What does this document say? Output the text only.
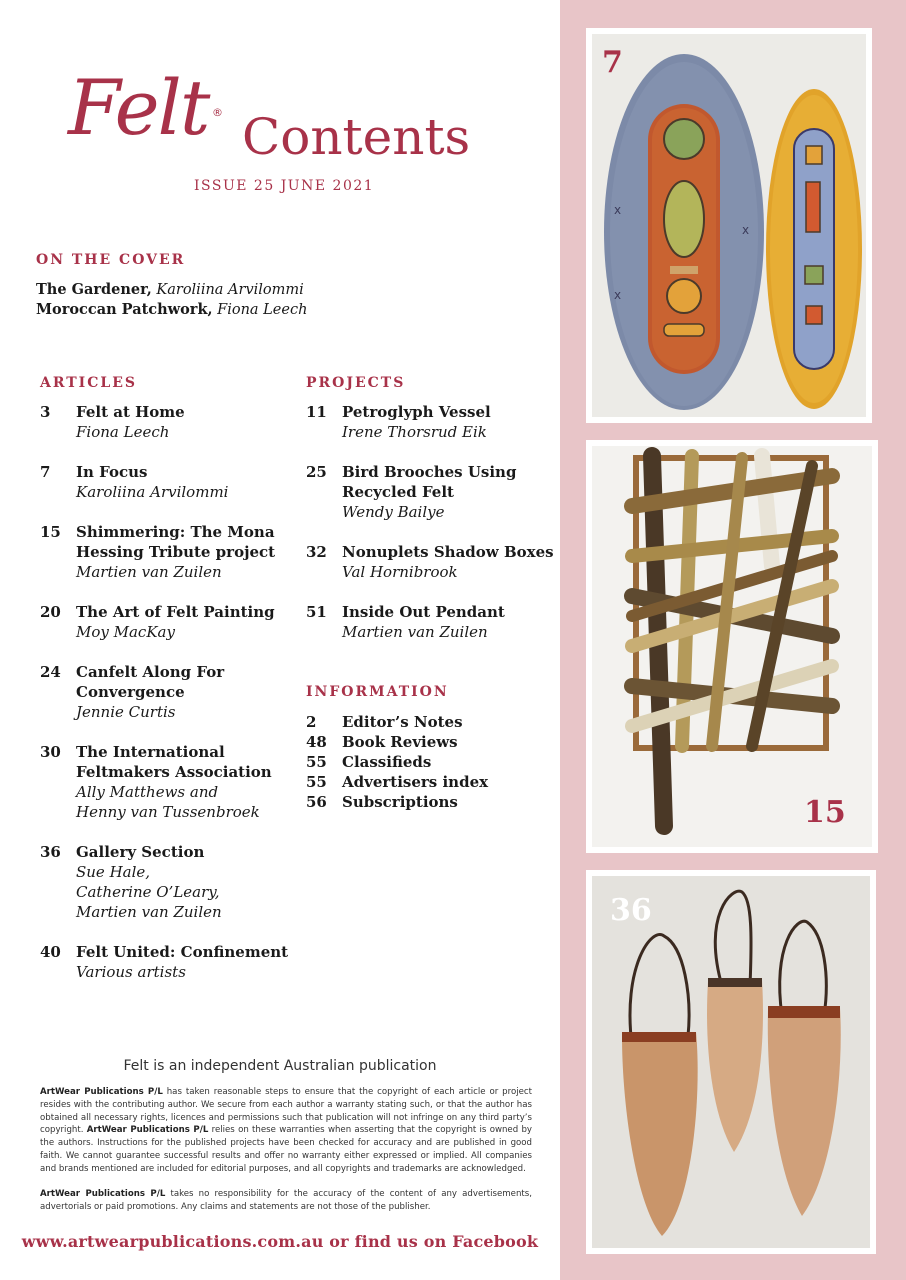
Felt ® Contents
ISSUE 25 JUNE 2021
ON THE COVER
The Gardener, Karoliina Arvilommi
Moroccan Patchwork, Fiona Leech
ARTICLES
3 Felt at Home
Fiona Leech
7 In Focus
Karoliina Arvilommi
15 Shimmering: The Mona
Hessing Tribute project
Martien van Zuilen
20 The Art of Felt Painting
Moy MacKay
24 Canfelt Along For
Convergence
Jennie Curtis
30 The International
Feltmakers Association
Ally Matthews and
Henny van Tussenbroek
36 Gallery Section
Sue Hale,
Catherine O’Leary,
Martien van Zuilen
40 Felt United: Confinement
Various artists
PROJECTS
11 Petroglyph Vessel
Irene Thorsrud Eik
25 Bird Brooches Using
Recycled Felt
Wendy Bailye
32 Nonuplets Shadow Boxes
Val Hornibrook
51 Inside Out Pendant
Martien van Zuilen
INFORMATION
2	Editor’s Notes
48	Book Reviews
55	Classifieds
55	Advertisers index
56	Subscriptions
Felt is an independent Australian publication
ArtWear Publications P/L has taken reasonable steps to ensure that the copyright of each article or project resides with the contributing author. We secure from each author a warranty stating such, or that the author has obtained all necessary rights, licences and permissions such that publication will not infringe on any third party’s copyright. ArtWear Publications P/L relies on these warranties when asserting that the copyright is owned by the authors. Instructions for the published projects have been checked for accuracy and are published in good faith. We cannot guarantee successful results and offer no warranty either expressed or implied. All companies and brands mentioned are included for editorial purposes, and all copyrights and trademarks are acknowledged.
ArtWear Publications P/L takes no responsibility for the accuracy of the content of any advertisements, advertorials or paid promotions. Any claims and statements are not those of the publisher.
www.artwearpublications.com.au or find us on Facebook
x
x
x
7
15
36
